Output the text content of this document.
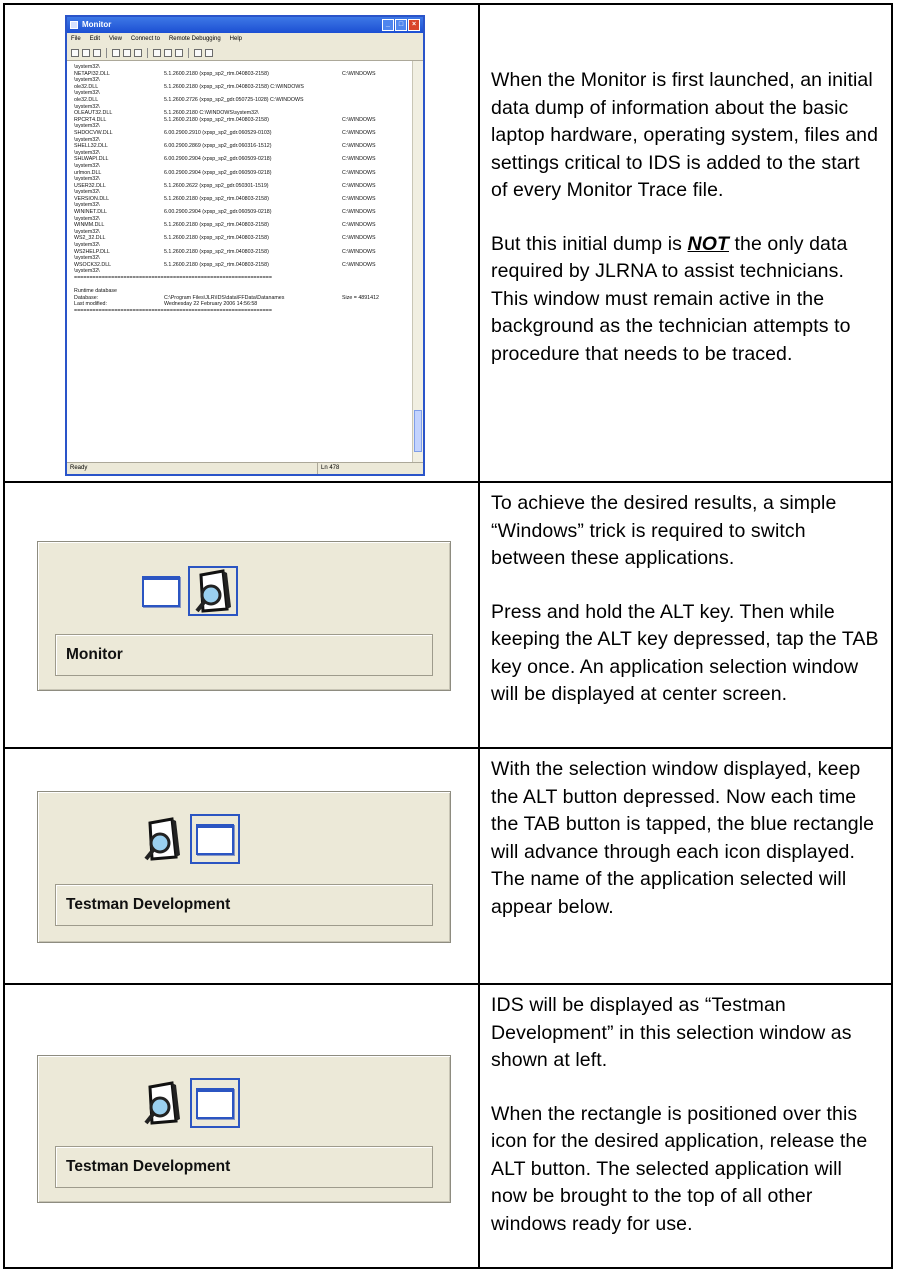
Monitor	_	□	×
File Edit View Connect to Remote Debugging Help
\system32\
NETAPI32.DLL	5.1.2600.2180 (xpsp_sp2_rtm.040803-2158)	C:\WINDOWS
\system32\
ole32.DLL	5.1.2600.2180 (xpsp_sp2_rtm.040803-2158) C:\WINDOWS
\system32\
ole32.DLL	5.1.2600.2726 (xpsp_sp2_gdr.050725-1028) C:\WINDOWS
\system32\
OLEAUT32.DLL	5.1.2600.2180 C:\WINDOWS\system32\
RPCRT4.DLL	5.1.2600.2180 (xpsp_sp2_rtm.040803-2158)	C:\WINDOWS
\system32\
SHDOCVW.DLL	6.00.2900.2910 (xpsp_sp2_gdr.060529-0103)	C:\WINDOWS
\system32\
SHELL32.DLL	6.00.2900.2869 (xpsp_sp2_gdr.060316-1512)	C:\WINDOWS
\system32\
SHLWAPI.DLL	6.00.2900.2904 (xpsp_sp2_gdr.060509-0218)	C:\WINDOWS
\system32\
urlmon.DLL	6.00.2900.2904 (xpsp_sp2_gdr.060509-0218)	C:\WINDOWS
\system32\
USER32.DLL	5.1.2600.2622 (xpsp_sp2_gdr.050301-1519)	C:\WINDOWS
\system32\
VERSION.DLL	5.1.2600.2180 (xpsp_sp2_rtm.040803-2158)	C:\WINDOWS
\system32\
WININET.DLL	6.00.2900.2904 (xpsp_sp2_gdr.060509-0218)	C:\WINDOWS
\system32\
WINMM.DLL	5.1.2600.2180 (xpsp_sp2_rtm.040803-2158)	C:\WINDOWS
\system32\
WS2_32.DLL	5.1.2600.2180 (xpsp_sp2_rtm.040803-2158)	C:\WINDOWS
\system32\
WS2HELP.DLL	5.1.2600.2180 (xpsp_sp2_rtm.040803-2158)	C:\WINDOWS
\system32\
WSOCK32.DLL	5.1.2600.2180 (xpsp_sp2_rtm.040803-2158)	C:\WINDOWS
\system32\
================================================================
Runtime database
Database:	C:\Program Files\JLR\IDS\data\FFData\Datanames	Size = 4891412
Last modified:	Wednesday 22 February 2006 14:56:58
================================================================
Ready	Ln 478

When the Monitor is first launched, an initial data dump of information about the basic laptop hardware, operating system, files and settings critical to IDS is added to the start of every Monitor Trace file.

But this initial dump is NOT the only data required by JLRNA to assist technicians. This window must remain active in the background as the technician attempts to procedure that needs to be traced.

Monitor

To achieve the desired results, a simple “Windows” trick is required to switch between these applications.

Press and hold the ALT key. Then while keeping the ALT key depressed, tap the TAB key once. An application selection window will be displayed at center screen.

Testman Development

With the selection window displayed, keep the ALT button depressed. Now each time the TAB button is tapped, the blue rectangle will advance through each icon displayed. The name of the application selected will appear below.

Testman Development

IDS will be displayed as “Testman Development” in this selection window as shown at left.

When the rectangle is positioned over this icon for the desired application, release the ALT button. The selected application will now be brought to the top of all other windows ready for use.
